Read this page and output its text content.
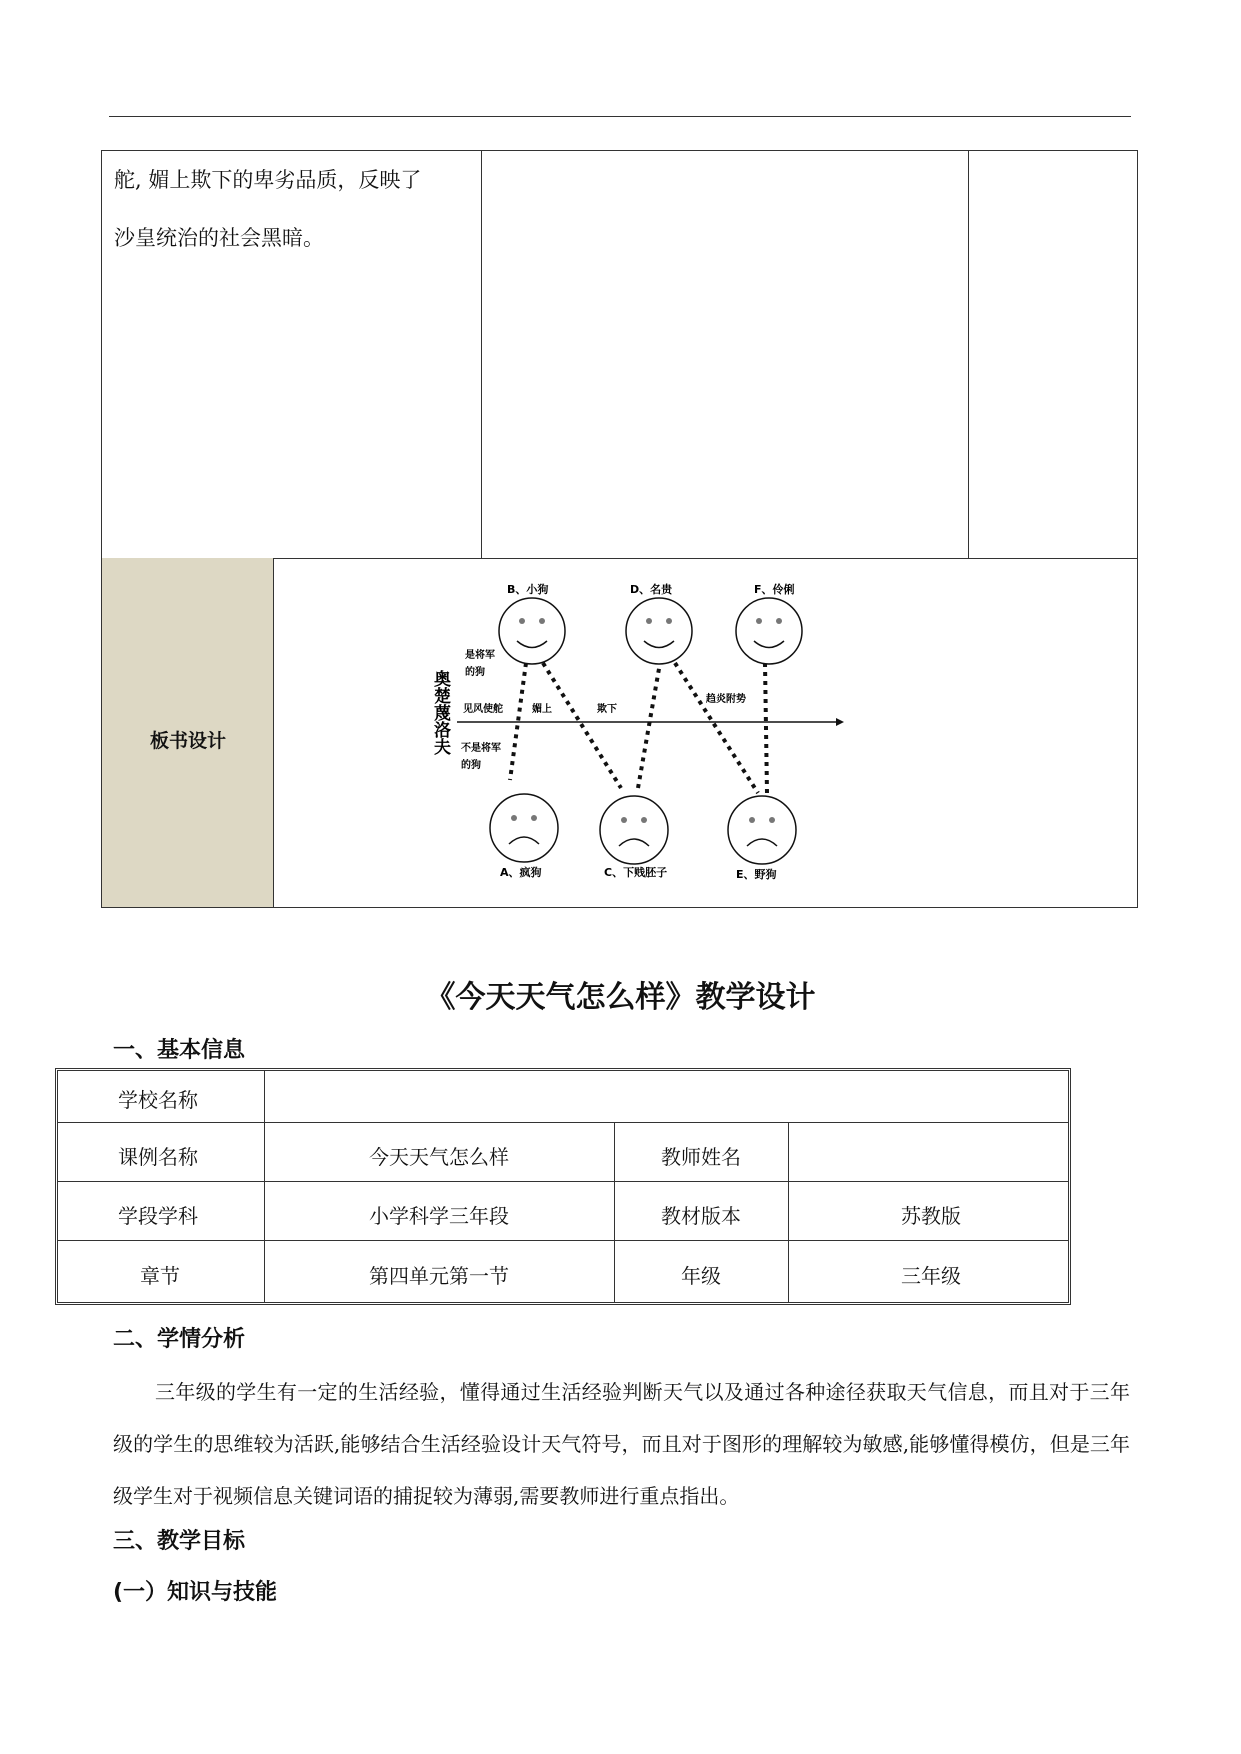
舵, 媚上欺下的卑劣品质，反映了
沙皇统治的社会黑暗。
板书设计
B、小狗	D、名贵	F、伶俐
A、疯狗	C、下贱胚子	E、野狗
是将军
的狗
不是将军
的狗
见风使舵	媚上	欺下
趋炎附势
奥楚蔑洛夫
《今天天气怎么样》教学设计
一、基本信息
学校名称
课例名称	今天天气怎么样	教师姓名
学段学科	小学科学三年段	教材版本	苏教版
章节	第四单元第一节	年级	三年级
二、学情分析
三年级的学生有一定的生活经验，懂得通过生活经验判断天气以及通过各种途径获取天气信息，而且对于三年级的学生的思维较为活跃,能够结合生活经验设计天气符号，而且对于图形的理解较为敏感,能够懂得模仿，但是三年级学生对于视频信息关键词语的捕捉较为薄弱,需要教师进行重点指出。
三、教学目标
(一）知识与技能
